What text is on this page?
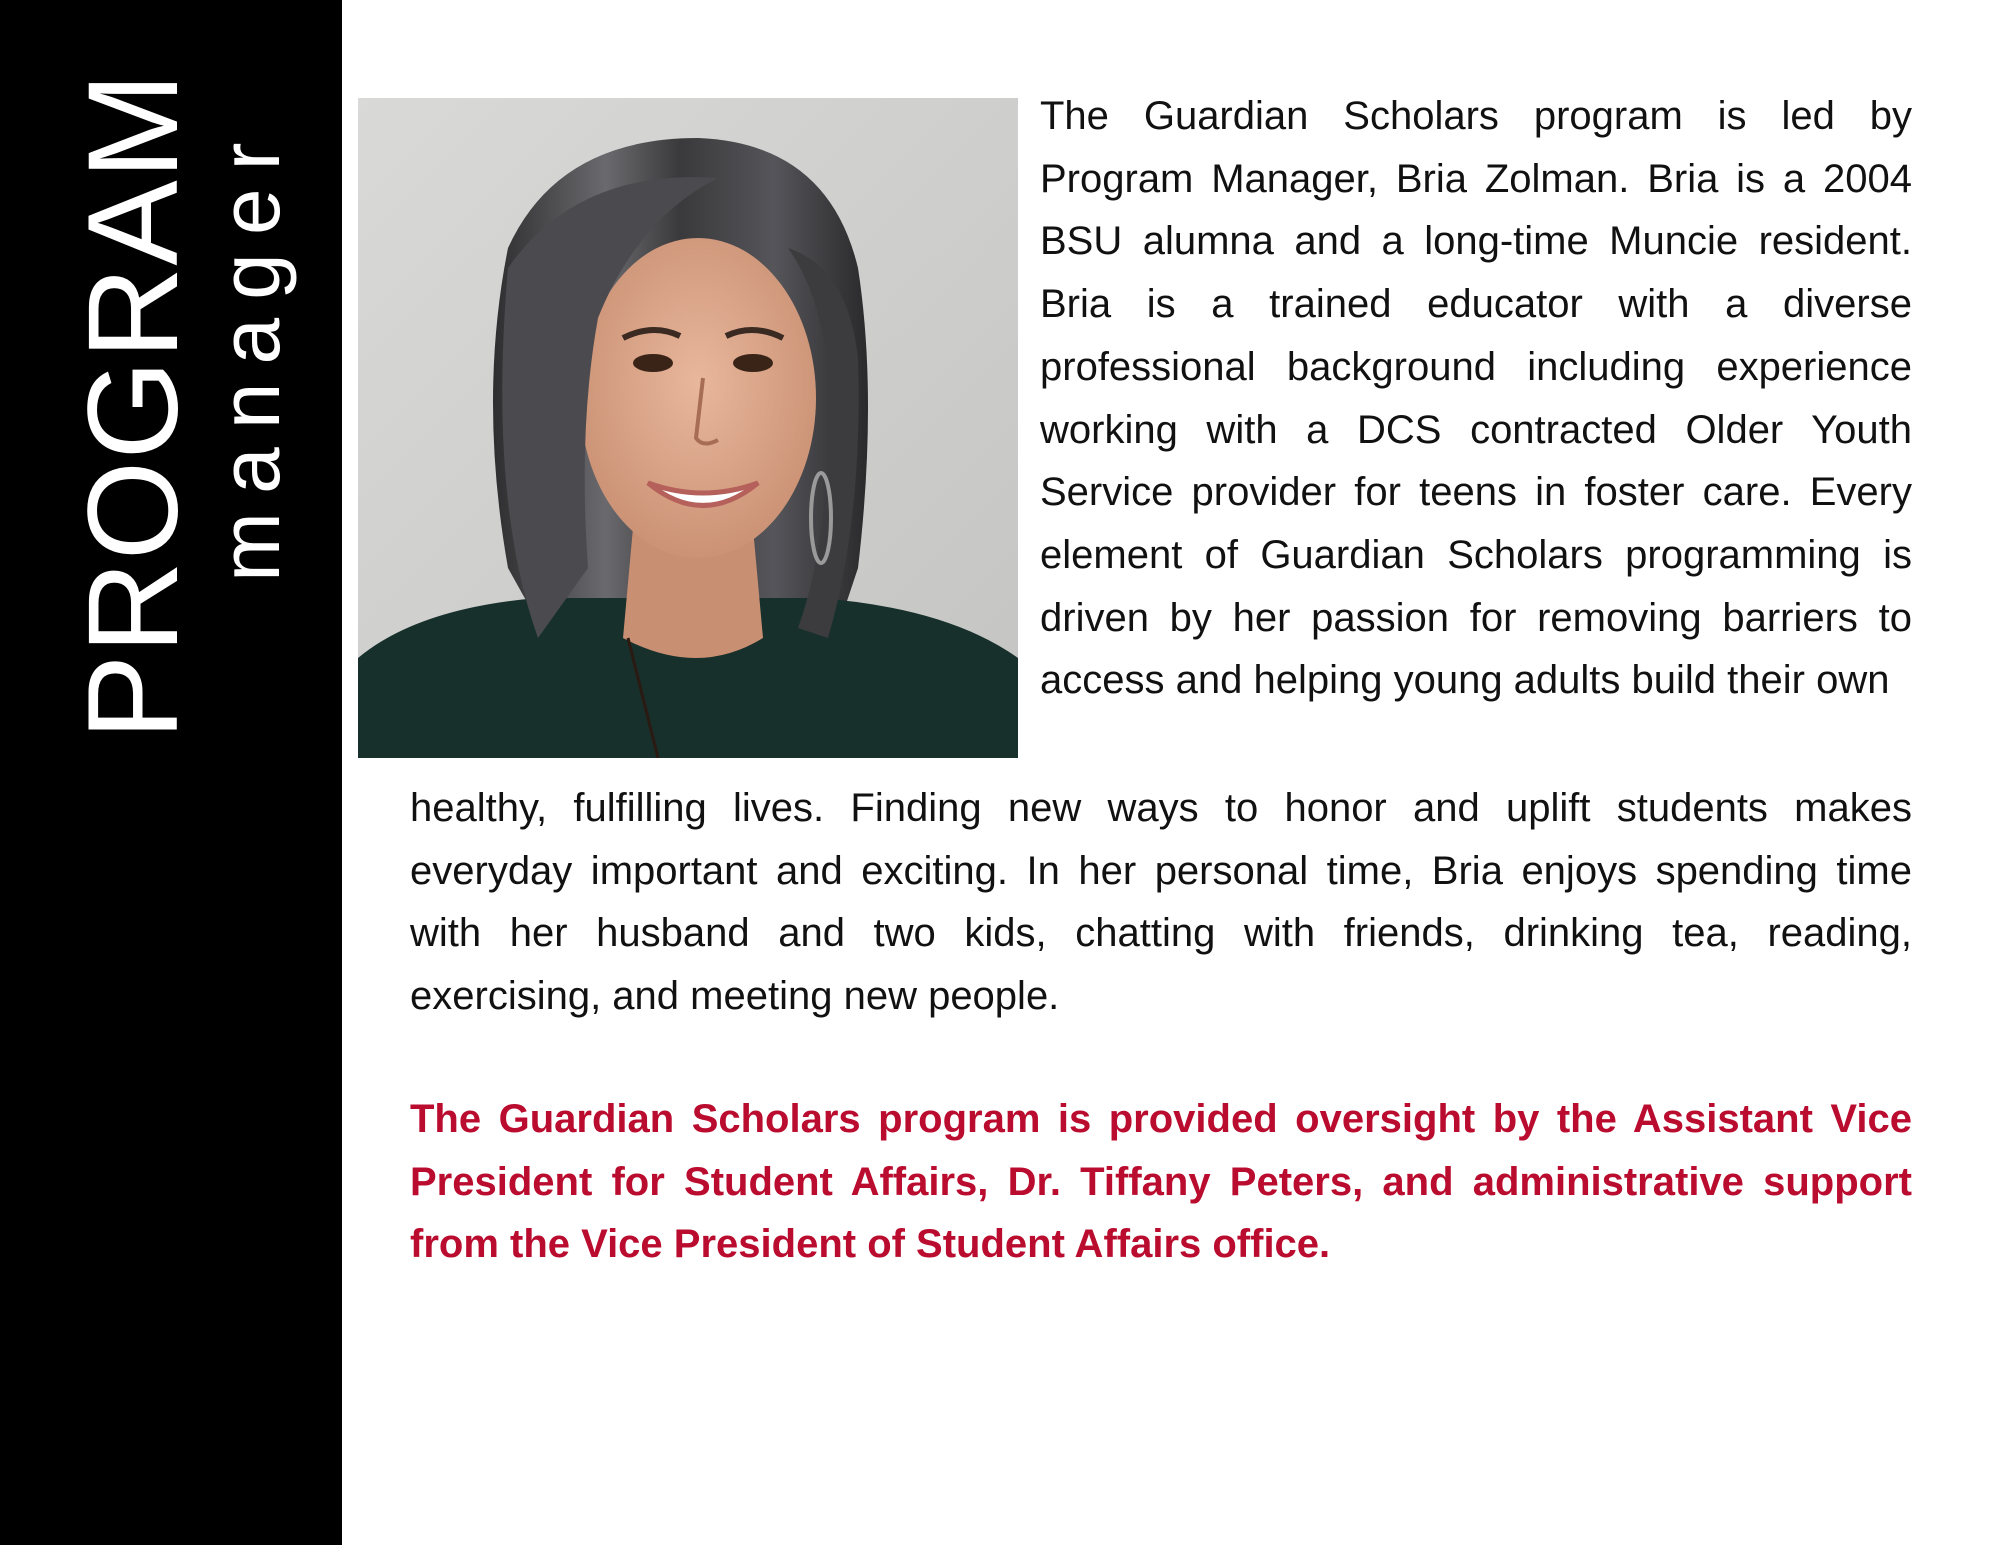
PROGRAM
manager

The Guardian Scholars program is led by Program Manager, Bria Zolman. Bria is a 2004 BSU alumna and a long-time Muncie resident. Bria is a trained educator with a diverse professional background including experience working with a DCS contracted Older Youth Service provider for teens in foster care. Every element of Guardian Scholars programming is driven by her passion for removing barriers to access and helping young adults build their own

healthy, fulfilling lives. Finding new ways to honor and uplift students makes everyday important and exciting. In her personal time, Bria enjoys spending time with her husband and two kids, chatting with friends, drinking tea, reading, exercising, and meeting new people.

The Guardian Scholars program is provided oversight by the Assistant Vice President for Student Affairs, Dr. Tiffany Peters, and administrative support from the Vice President of Student Affairs office.
